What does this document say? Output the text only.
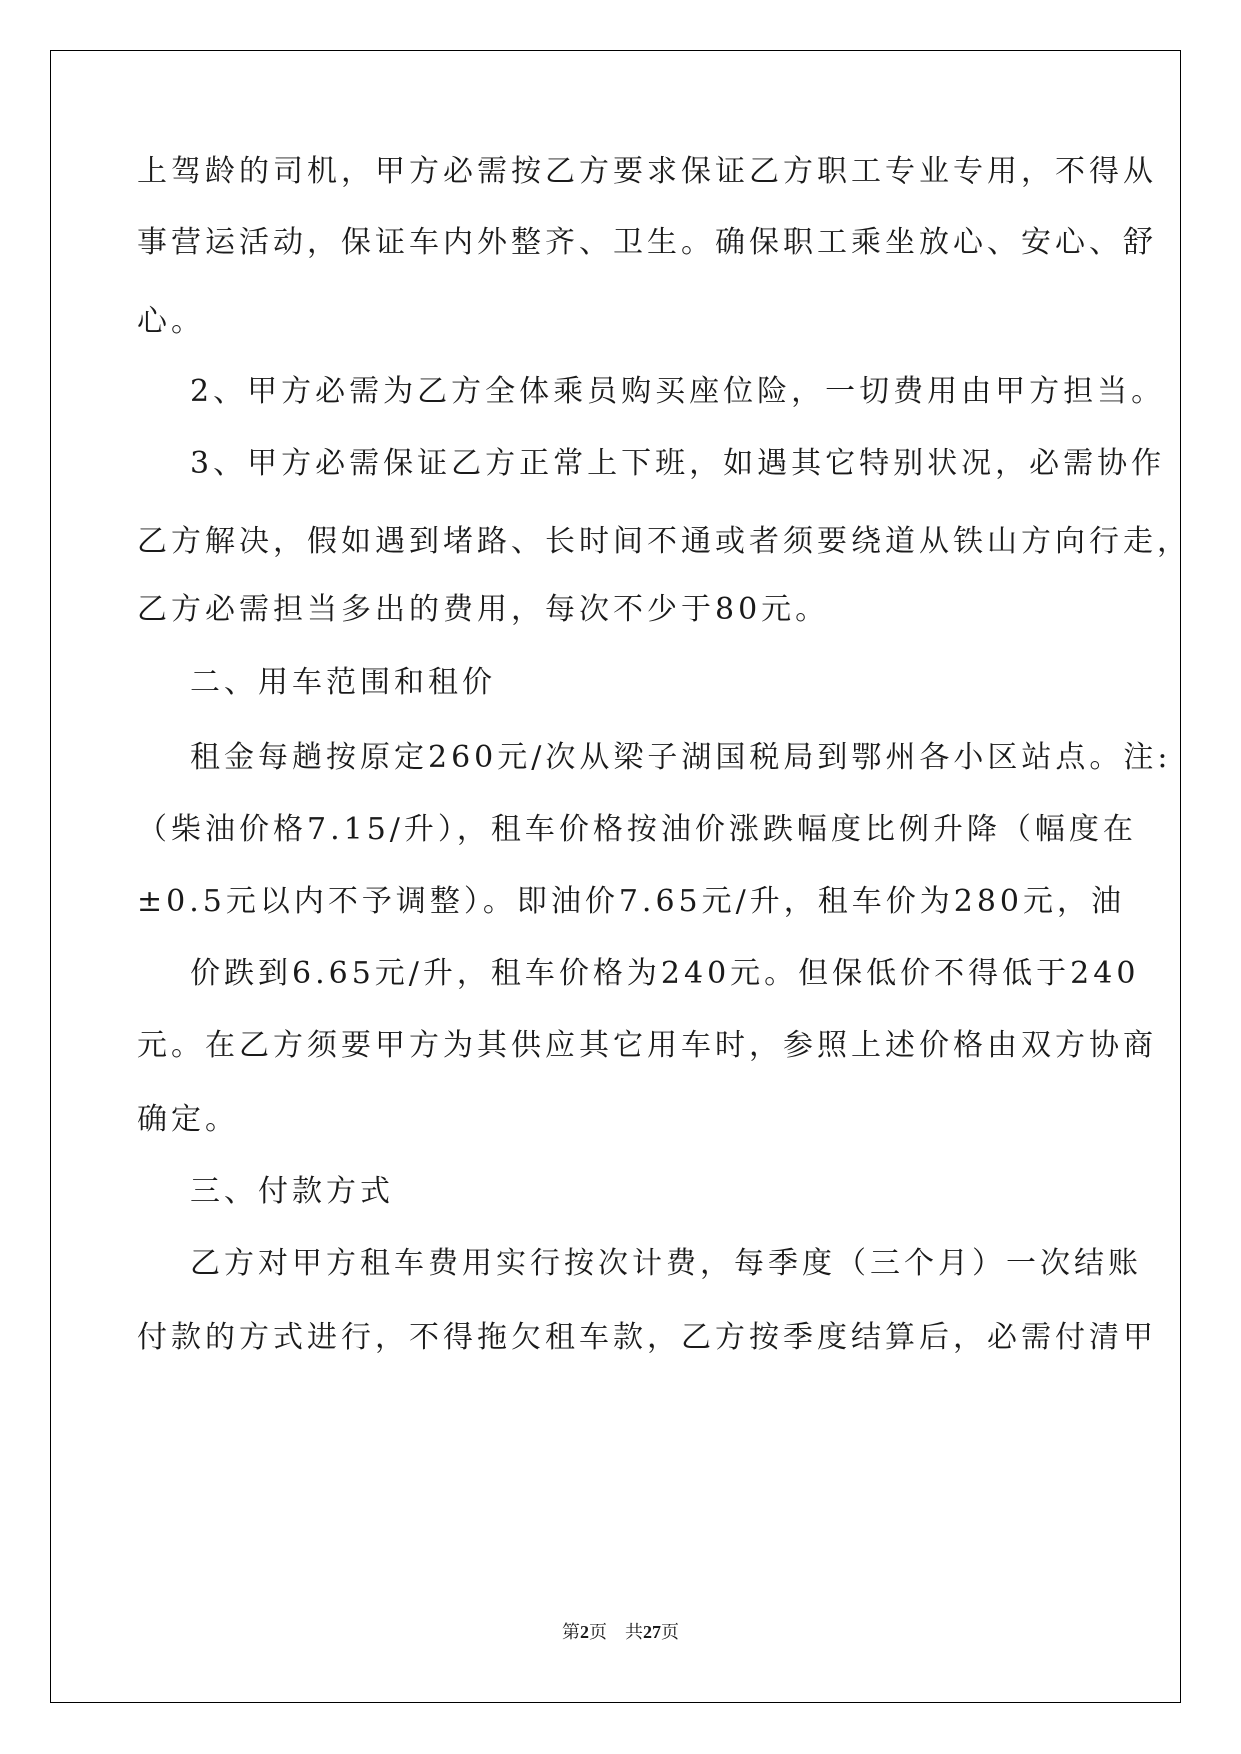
上驾龄的司机，甲方必需按乙方要求保证乙方职工专业专用，不得从
事营运活动，保证车内外整齐、卫生。确保职工乘坐放心、安心、舒
心。
2、甲方必需为乙方全体乘员购买座位险，一切费用由甲方担当。
3、甲方必需保证乙方正常上下班，如遇其它特别状况，必需协作
乙方解决，假如遇到堵路、长时间不通或者须要绕道从铁山方向行走，
乙方必需担当多出的费用，每次不少于80元。
二、用车范围和租价
租金每趟按原定260元/次从梁子湖国税局到鄂州各小区站点。注:
（柴油价格7.15/升），租车价格按油价涨跌幅度比例升降（幅度在
±0.5元以内不予调整）。即油价7.65元/升，租车价为280元，油
价跌到6.65元/升，租车价格为240元。但保低价不得低于240
元。在乙方须要甲方为其供应其它用车时，参照上述价格由双方协商
确定。
三、付款方式
乙方对甲方租车费用实行按次计费，每季度（三个月）一次结账
付款的方式进行，不得拖欠租车款，乙方按季度结算后，必需付清甲
第2页 共27页
